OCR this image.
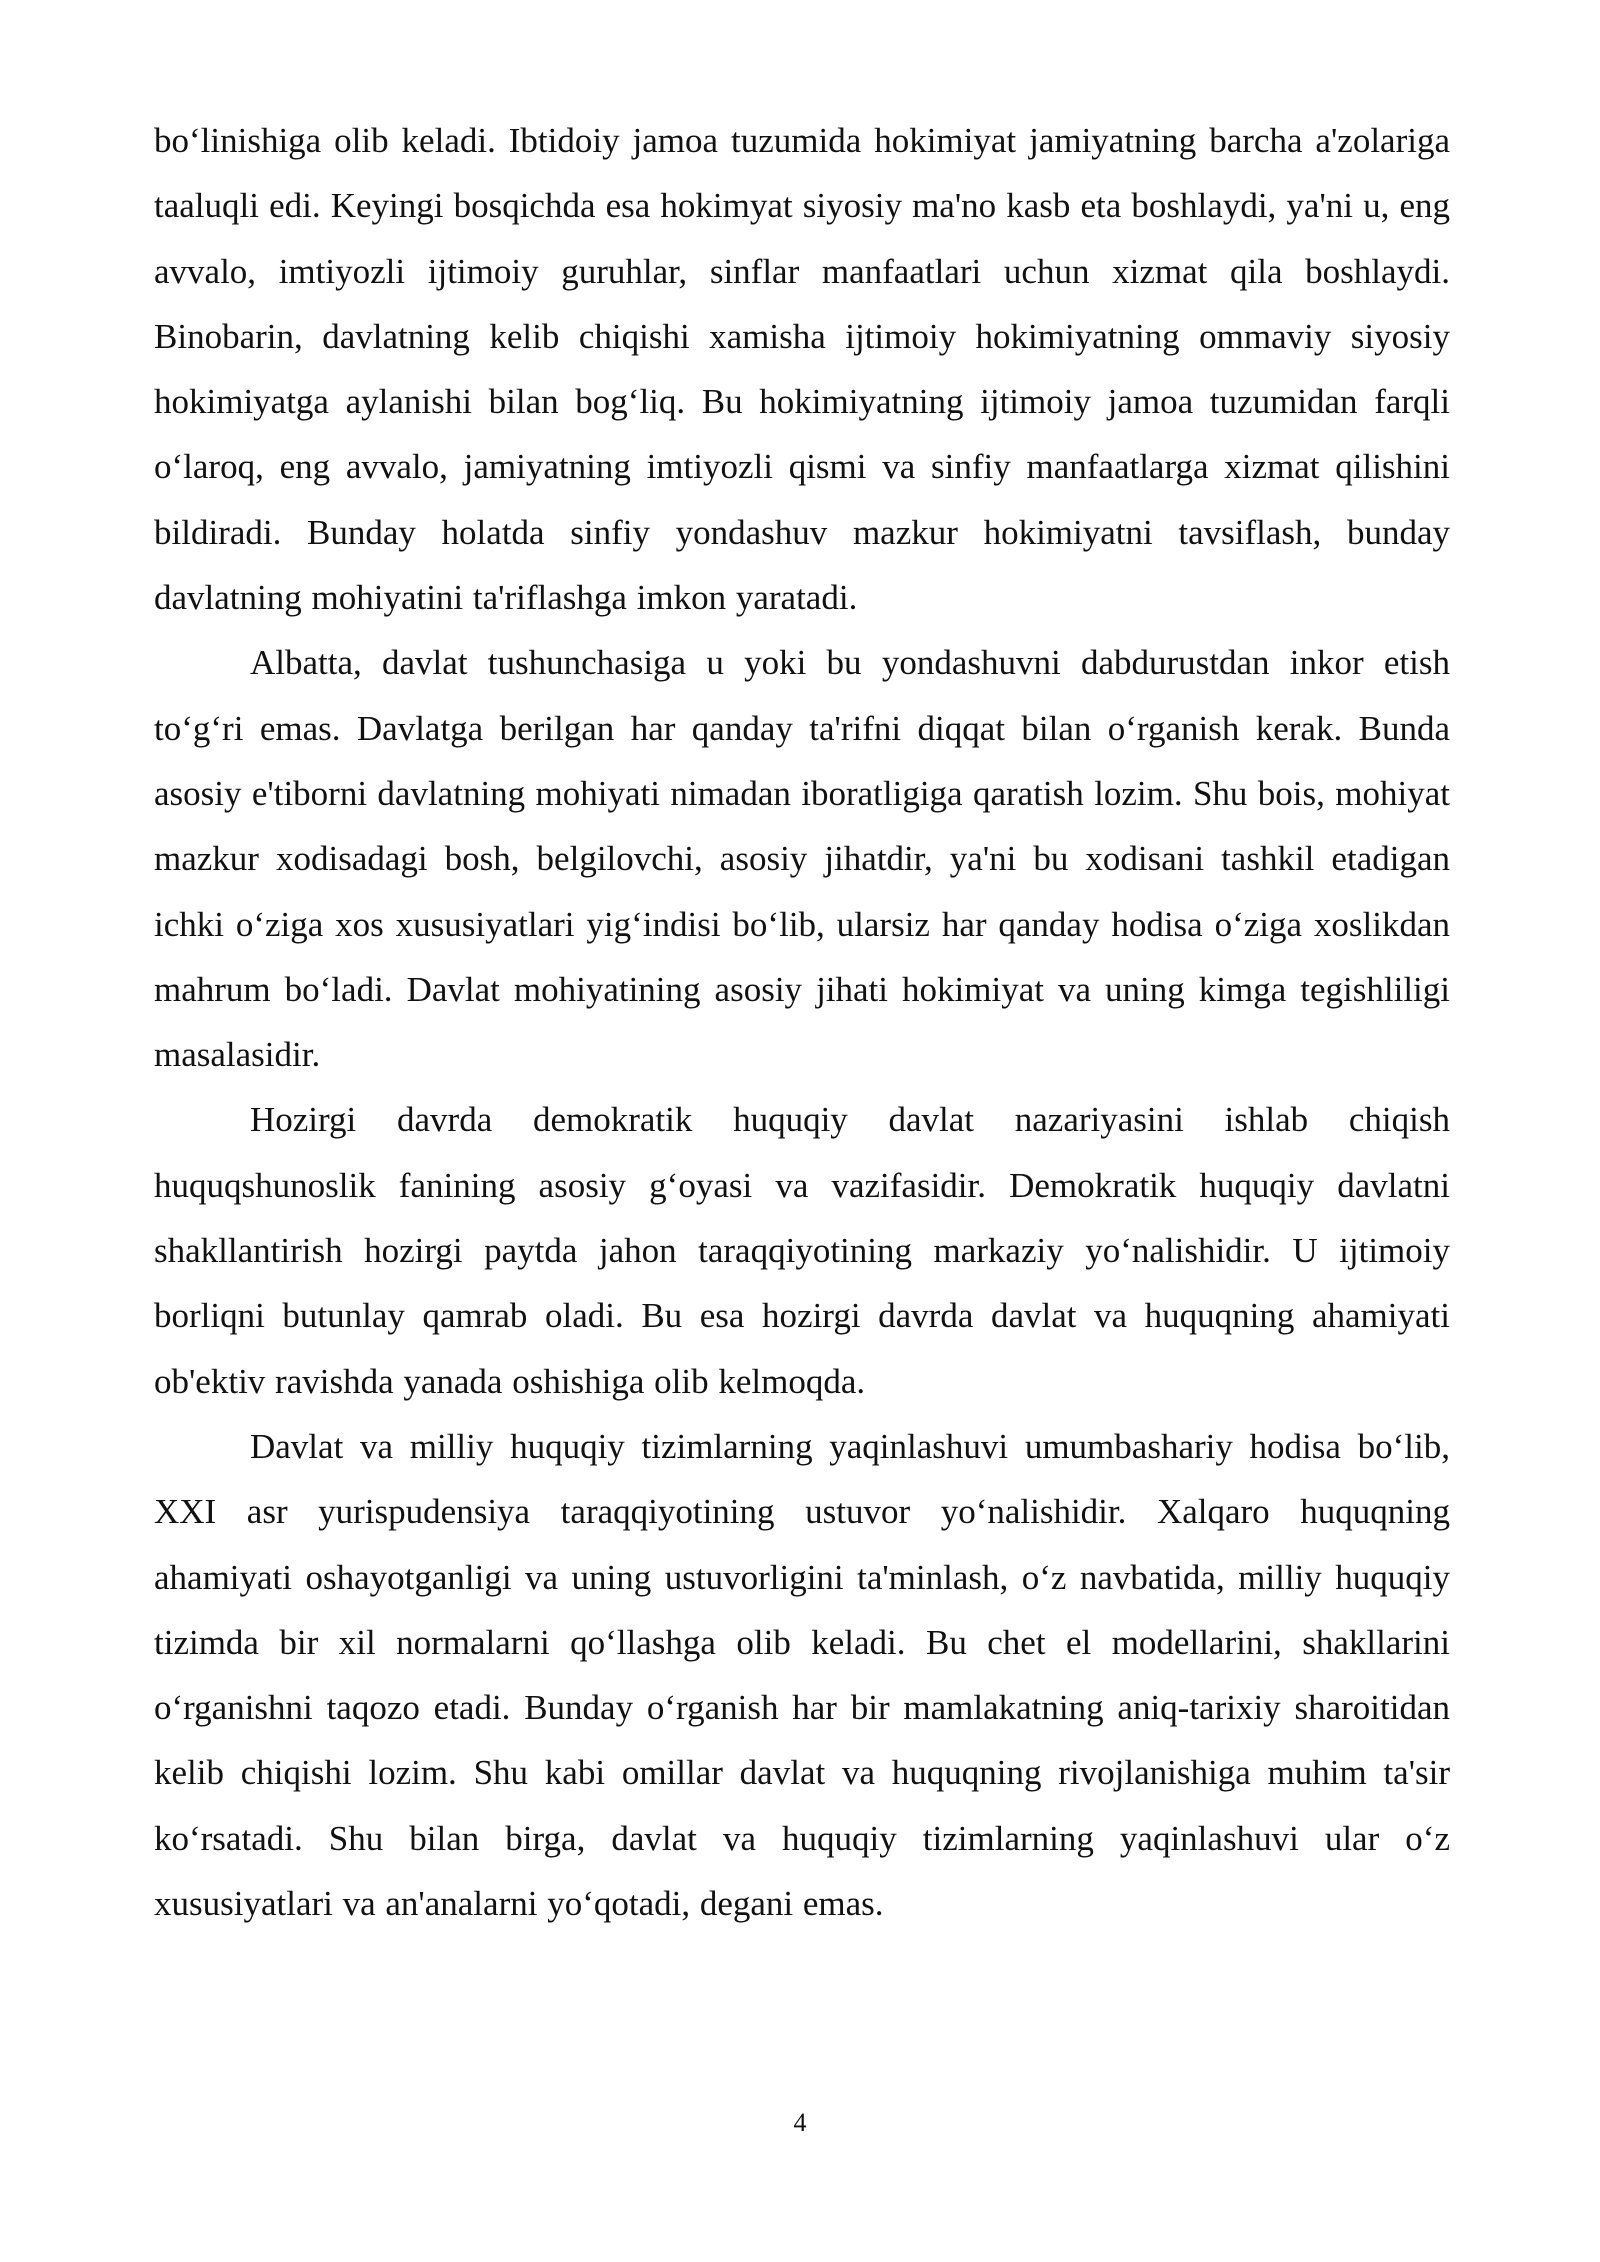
bo‘linishiga olib keladi. Ibtidoiy jamoa tuzumida hokimiyat jamiyatning barcha a'zolariga taaluqli edi. Keyingi bosqichda esa hokimyat siyosiy ma'no kasb eta boshlaydi, ya'ni u, eng avvalo, imtiyozli ijtimoiy guruhlar, sinflar manfaatlari uchun xizmat qila boshlaydi. Binobarin, davlatning kelib chiqishi xamisha ijtimoiy hokimiyatning ommaviy siyosiy hokimiyatga aylanishi bilan bog‘liq. Bu hokimiyatning ijtimoiy jamoa tuzumidan farqli o‘laroq, eng avvalo, jamiyatning imtiyozli qismi va sinfiy manfaatlarga xizmat qilishini bildiradi. Bunday holatda sinfiy yondashuv mazkur hokimiyatni tavsiflash, bunday davlatning mohiyatini ta'riflashga imkon yaratadi.

Albatta, davlat tushunchasiga u yoki bu yondashuvni dabdurustdan inkor etish to‘g‘ri emas. Davlatga berilgan har qanday ta'rifni diqqat bilan o‘rganish kerak. Bunda asosiy e'tiborni davlatning mohiyati nimadan iboratligiga qaratish lozim. Shu bois, mohiyat mazkur xodisadagi bosh, belgilovchi, asosiy jihatdir, ya'ni bu xodisani tashkil etadigan ichki o‘ziga xos xususiyatlari yig‘indisi bo‘lib, ularsiz har qanday hodisa o‘ziga xoslikdan mahrum bo‘ladi. Davlat mohiyatining asosiy jihati hokimiyat va uning kimga tegishliligi masalasidir.

Hozirgi davrda demokratik huquqiy davlat nazariyasini ishlab chiqish huquqshunoslik fanining asosiy g‘oyasi va vazifasidir. Demokratik huquqiy davlatni shakllantirish hozirgi paytda jahon taraqqiyotining markaziy yo‘nalishidir. U ijtimoiy borliqni butunlay qamrab oladi. Bu esa hozirgi davrda davlat va huquqning ahamiyati ob'ektiv ravishda yanada oshishiga olib kelmoqda.

Davlat va milliy huquqiy tizimlarning yaqinlashuvi umumbashariy hodisa bo‘lib, XXI asr yurispudensiya taraqqiyotining ustuvor yo‘nalishidir. Xalqaro huquqning ahamiyati oshayotganligi va uning ustuvorligini ta'minlash, o‘z navbatida, milliy huquqiy tizimda bir xil normalarni qo‘llashga olib keladi. Bu chet el modellarini, shakllarini o‘rganishni taqozo etadi. Bunday o‘rganish har bir mamlakatning aniq-tarixiy sharoitidan kelib chiqishi lozim. Shu kabi omillar davlat va huquqning rivojlanishiga muhim ta'sir ko‘rsatadi. Shu bilan birga, davlat va huquqiy tizimlarning yaqinlashuvi ular o‘z xususiyatlari va an'analarni yo‘qotadi, degani emas.

4
